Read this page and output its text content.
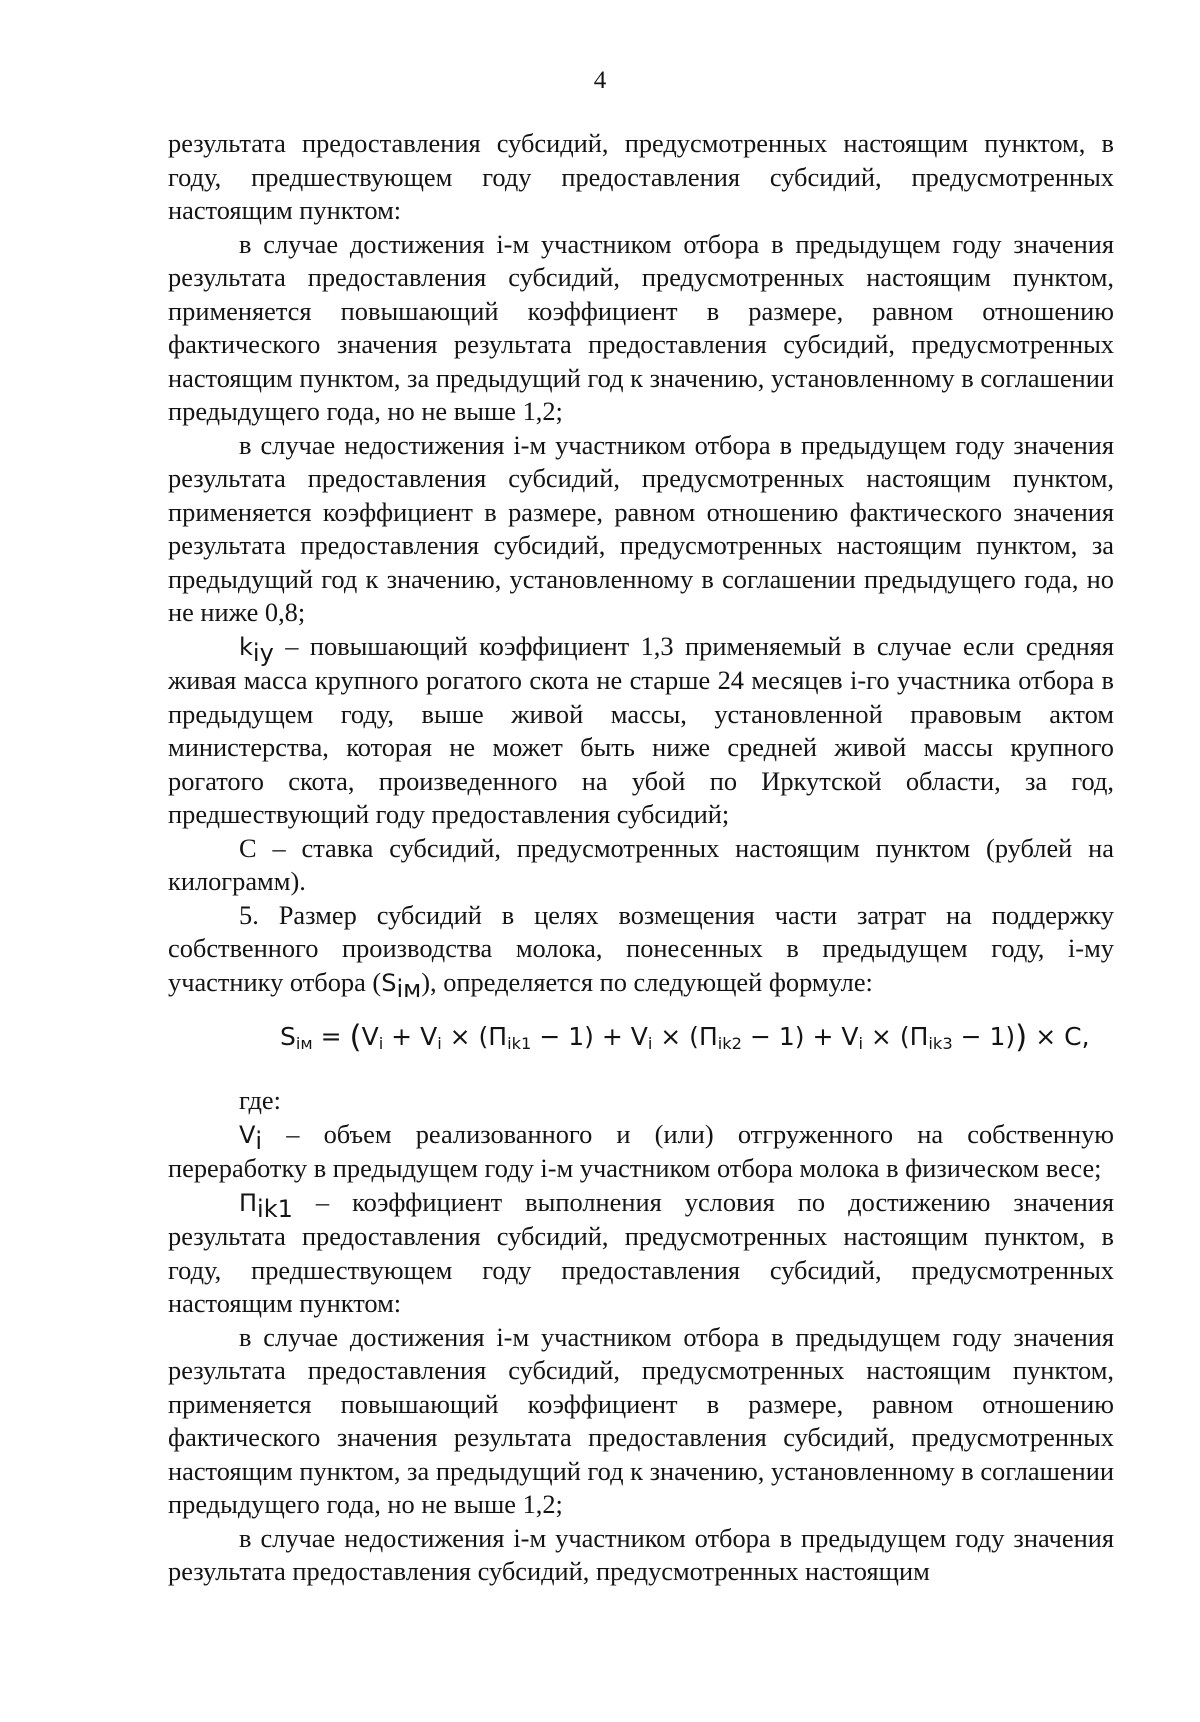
4

результата предоставления субсидий, предусмотренных настоящим пунктом, в году, предшествующем году предоставления субсидий, предусмотренных настоящим пунктом:

в случае достижения i-м участником отбора в предыдущем году значения результата предоставления субсидий, предусмотренных настоящим пунктом, применяется повышающий коэффициент в размере, равном отношению фактического значения результата предоставления субсидий, предусмотренных настоящим пунктом, за предыдущий год к значению, установленному в соглашении предыдущего года, но не выше 1,2;

в случае недостижения i-м участником отбора в предыдущем году значения результата предоставления субсидий, предусмотренных настоящим пунктом, применяется коэффициент в размере, равном отношению фактического значения результата предоставления субсидий, предусмотренных настоящим пунктом, за предыдущий год к значению, установленному в соглашении предыдущего года, но не ниже 0,8;

$k_{iy}$ – повышающий коэффициент 1,3 применяемый в случае если средняя живая масса крупного рогатого скота не старше 24 месяцев i-го участника отбора в предыдущем году, выше живой массы, установленной правовым актом министерства, которая не может быть ниже средней живой массы крупного рогатого скота, произведенного на убой по Иркутской области, за год, предшествующий году предоставления субсидий;

С – ставка субсидий, предусмотренных настоящим пунктом (рублей на килограмм).

5. Размер субсидий в целях возмещения части затрат на поддержку собственного производства молока, понесенных в предыдущем году, i-му участнику отбора $(S_{iм})$, определяется по следующей формуле:

$S_{iм} = (V_i + V_i \times (П_{ik1} - 1) + V_i \times (П_{ik2} - 1) + V_i \times (П_{ik3} - 1)) \times C$,

где:

$V_i$ – объем реализованного и (или) отгруженного на собственную переработку в предыдущем году i-м участником отбора молока в физическом весе;

$П_{ik1}$ – коэффициент выполнения условия по достижению значения результата предоставления субсидий, предусмотренных настоящим пунктом, в году, предшествующем году предоставления субсидий, предусмотренных настоящим пунктом:

в случае достижения i-м участником отбора в предыдущем году значения результата предоставления субсидий, предусмотренных настоящим пунктом, применяется повышающий коэффициент в размере, равном отношению фактического значения результата предоставления субсидий, предусмотренных настоящим пунктом, за предыдущий год к значению, установленному в соглашении предыдущего года, но не выше 1,2;

в случае недостижения i-м участником отбора в предыдущем году значения результата предоставления субсидий, предусмотренных настоящим
